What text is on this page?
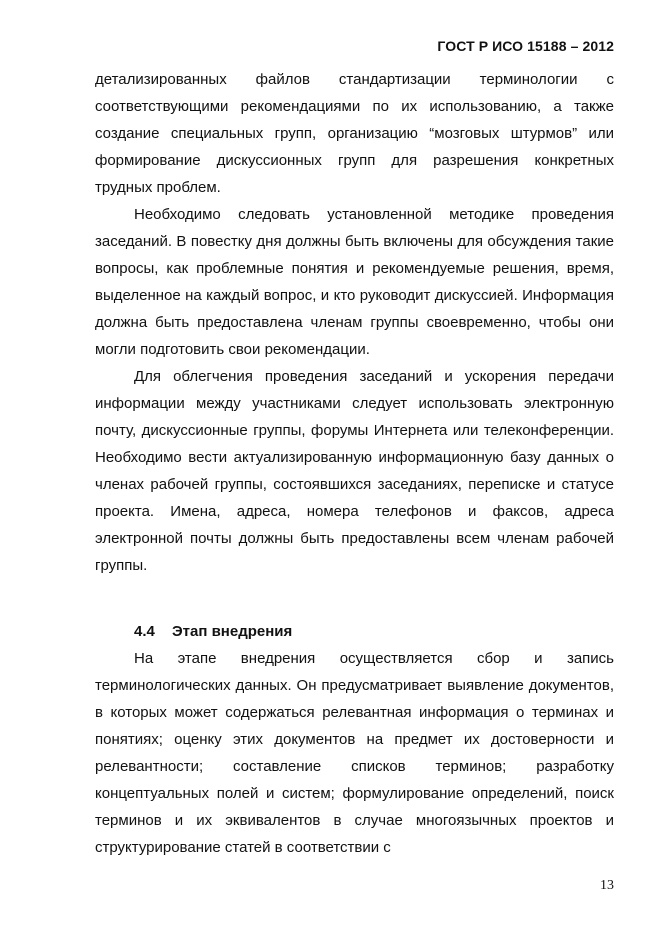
ГОСТ Р ИСО 15188 – 2012

детализированных файлов стандартизации терминологии с соответствующими рекомендациями по их использованию, а также создание специальных групп, организацию “мозговых штурмов” или формирование дискуссионных групп для разрешения конкретных трудных проблем.

Необходимо следовать установленной методике проведения заседаний. В повестку дня должны быть включены для обсуждения такие вопросы, как проблемные понятия и рекомендуемые решения, время, выделенное на каждый вопрос, и кто руководит дискуссией. Информация должна быть предоставлена членам группы своевременно, чтобы они могли подготовить свои рекомендации.

Для облегчения проведения заседаний и ускорения передачи информации между участниками следует использовать электронную почту, дискуссионные группы, форумы Интернета или телеконференции. Необходимо вести актуализированную информационную базу данных о членах рабочей группы, состоявшихся заседаниях, переписке и статусе проекта. Имена, адреса, номера телефонов и факсов, адреса электронной почты должны быть предоставлены всем членам рабочей группы.

4.4 Этап внедрения

На этапе внедрения осуществляется сбор и запись терминологических данных. Он предусматривает выявление документов, в которых может содержаться релевантная информация о терминах и понятиях; оценку этих документов на предмет их достоверности и релевантности; составление списков терминов; разработку концептуальных полей и систем; формулирование определений, поиск терминов и их эквивалентов в случае многоязычных проектов и структурирование статей в соответствии с

13
